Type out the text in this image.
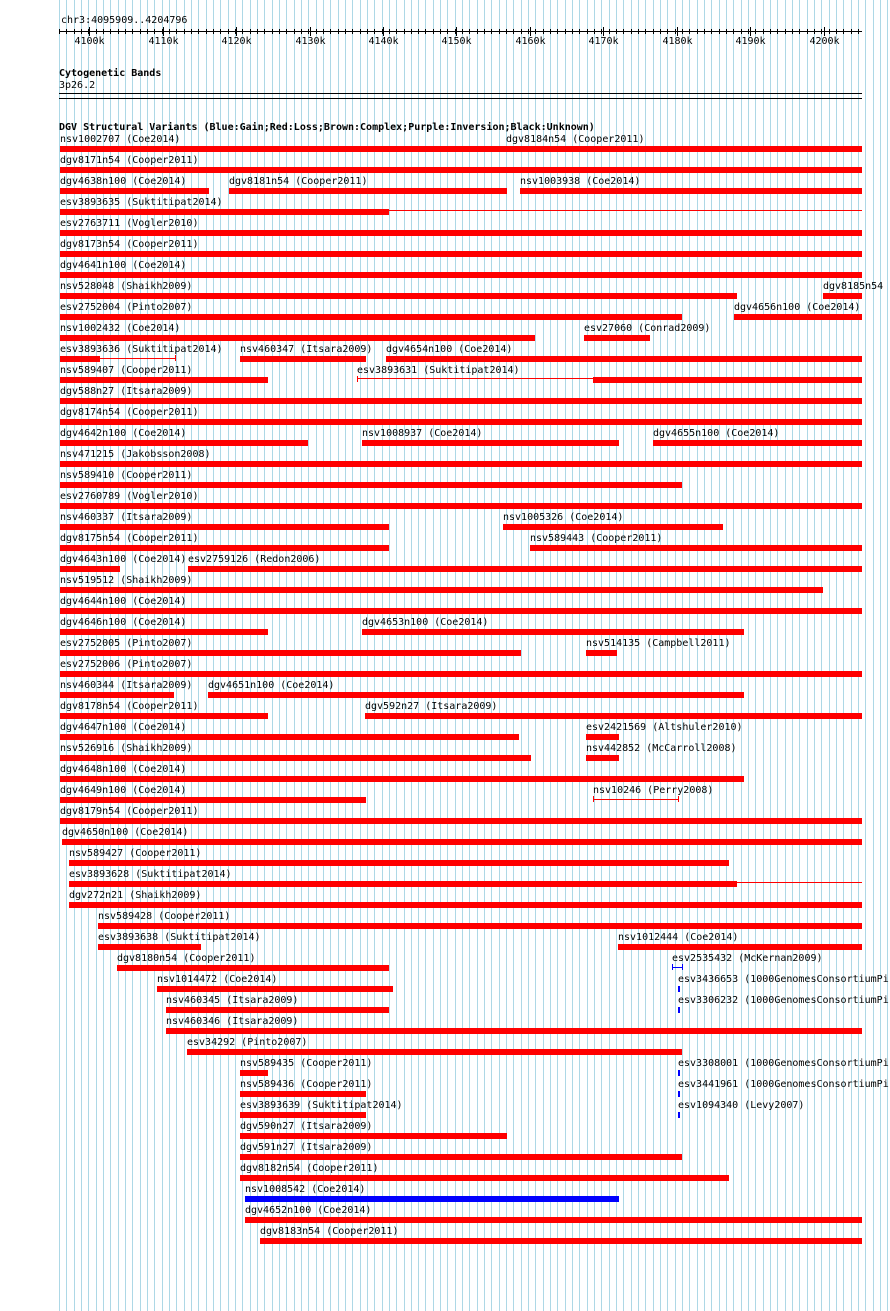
chr3:4095909..4204796
4100k	4110k	4120k	4130k	4140k	4150k	4160k	4170k	4180k	4190k	4200k
Cytogenetic Bands
3p26.2
DGV Structural Variants (Blue:Gain;Red:Loss;Brown:Complex;Purple:Inversion;Black:Unknown)
nsv1002707 (Coe2014)	dgv8184n54 (Cooper2011)
dgv8171n54 (Cooper2011)
dgv4638n100 (Coe2014)	dgv8181n54 (Cooper2011)	nsv1003938 (Coe2014)
esv3893635 (Suktitipat2014)
esv2763711 (Vogler2010)
dgv8173n54 (Cooper2011)
dgv4641n100 (Coe2014)
nsv528048 (Shaikh2009)	dgv8185n54
esv2752004 (Pinto2007)	dgv4656n100 (Coe2014)
nsv1002432 (Coe2014)	esv27060 (Conrad2009)
esv3893636 (Suktitipat2014) nsv460347 (Itsara2009) dgv4654n100 (Coe2014)
nsv589407 (Cooper2011)	esv3893631 (Suktitipat2014)
dgv588n27 (Itsara2009)
dgv8174n54 (Cooper2011)
dgv4642n100 (Coe2014)	nsv1008937 (Coe2014)	dgv4655n100 (Coe2014)
nsv471215 (Jakobsson2008)
nsv589410 (Cooper2011)
esv2760789 (Vogler2010)
nsv460337 (Itsara2009)	nsv1005326 (Coe2014)
dgv8175n54 (Cooper2011)	nsv589443 (Cooper2011)
dgv4643n100 (Coe2014) esv2759126 (Redon2006)
nsv519512 (Shaikh2009)
dgv4644n100 (Coe2014)
dgv4646n100 (Coe2014)	dgv4653n100 (Coe2014)
esv2752005 (Pinto2007)	nsv514135 (Campbell2011)
esv2752006 (Pinto2007)
nsv460344 (Itsara2009) dgv4651n100 (Coe2014)
dgv8178n54 (Cooper2011)	dgv592n27 (Itsara2009)
dgv4647n100 (Coe2014)	esv2421569 (Altshuler2010)
nsv526916 (Shaikh2009)	nsv442852 (McCarroll2008)
dgv4648n100 (Coe2014)
dgv4649n100 (Coe2014)	nsv10246 (Perry2008)
dgv8179n54 (Cooper2011)
dgv4650n100 (Coe2014)
nsv589427 (Cooper2011)
esv3893628 (Suktitipat2014)
dgv272n21 (Shaikh2009)
nsv589428 (Cooper2011)
esv3893638 (Suktitipat2014)	nsv1012444 (Coe2014)
dgv8180n54 (Cooper2011)	esv2535432 (McKernan2009)
nsv1014472 (Coe2014)	esv3436653 (1000GenomesConsortiumPi
nsv460345 (Itsara2009)	esv3306232 (1000GenomesConsortiumPi
nsv460346 (Itsara2009)
esv34292 (Pinto2007)
nsv589435 (Cooper2011)	esv3308001 (1000GenomesConsortiumPi
nsv589436 (Cooper2011)	esv3441961 (1000GenomesConsortiumPi
esv3893639 (Suktitipat2014)	esv1094340 (Levy2007)
dgv590n27 (Itsara2009)
dgv591n27 (Itsara2009)
dgv8182n54 (Cooper2011)
nsv1008542 (Coe2014)
dgv4652n100 (Coe2014)
dgv8183n54 (Cooper2011)
